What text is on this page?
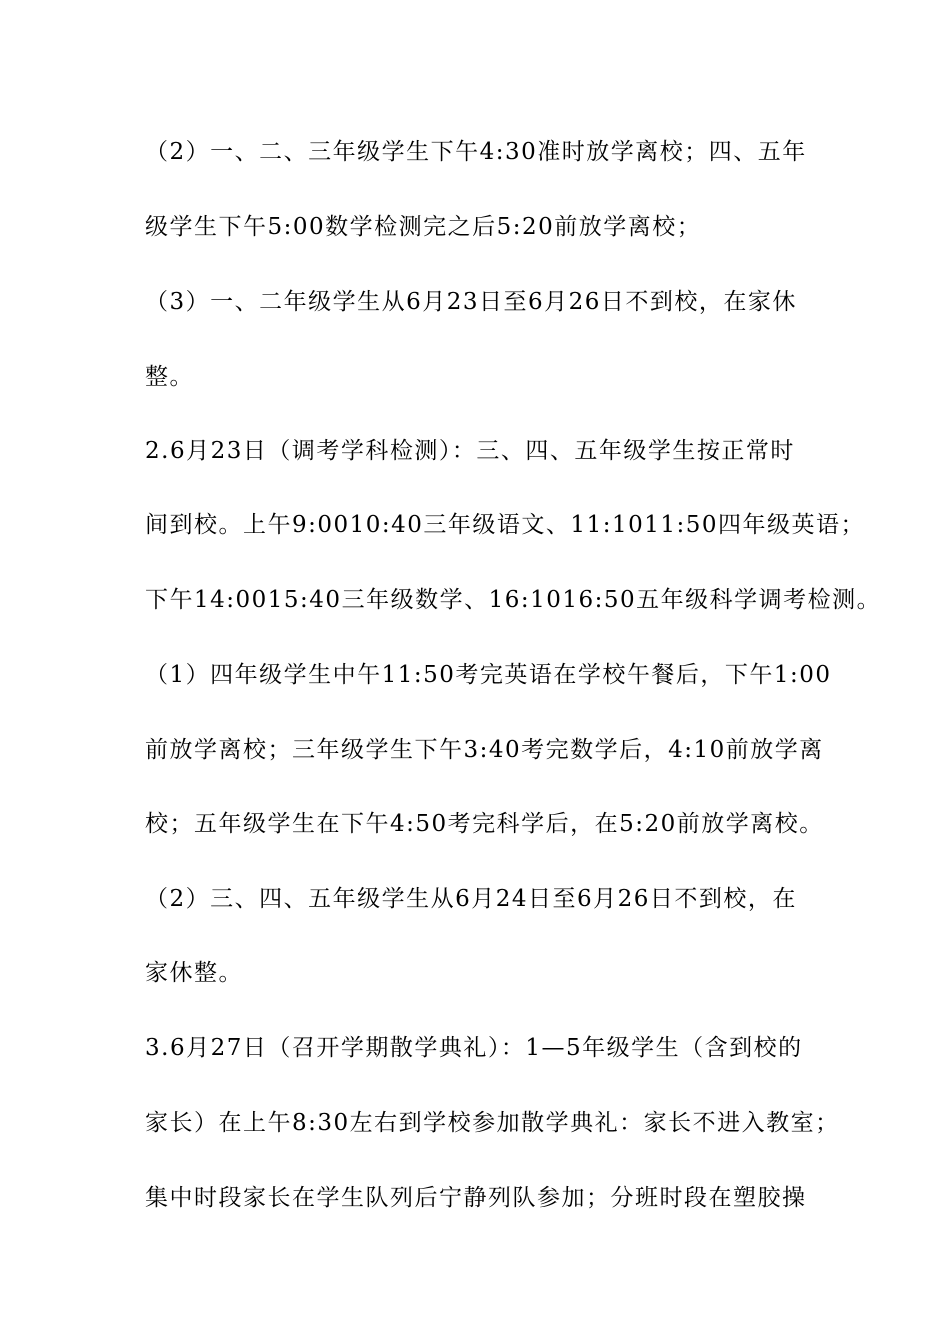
（2）一、二、三年级学生下午4:30准时放学离校；四、五年
级学生下午5:00数学检测完之后5:20前放学离校；
（3）一、二年级学生从6月23日至6月26日不到校，在家休
整。
2.6月23日（调考学科检测）：三、四、五年级学生按正常时
间到校。上午9:0010:40三年级语文、11:1011:50四年级英语；
下午14:0015:40三年级数学、16:1016:50五年级科学调考检测。
（1）四年级学生中午11:50考完英语在学校午餐后，下午1:00
前放学离校；三年级学生下午3:40考完数学后，4:10前放学离
校；五年级学生在下午4:50考完科学后，在5:20前放学离校。
（2）三、四、五年级学生从6月24日至6月26日不到校，在
家休整。
3.6月27日（召开学期散学典礼）：1—5年级学生（含到校的
家长）在上午8:30左右到学校参加散学典礼：家长不进入教室；
集中时段家长在学生队列后宁静列队参加；分班时段在塑胶操
